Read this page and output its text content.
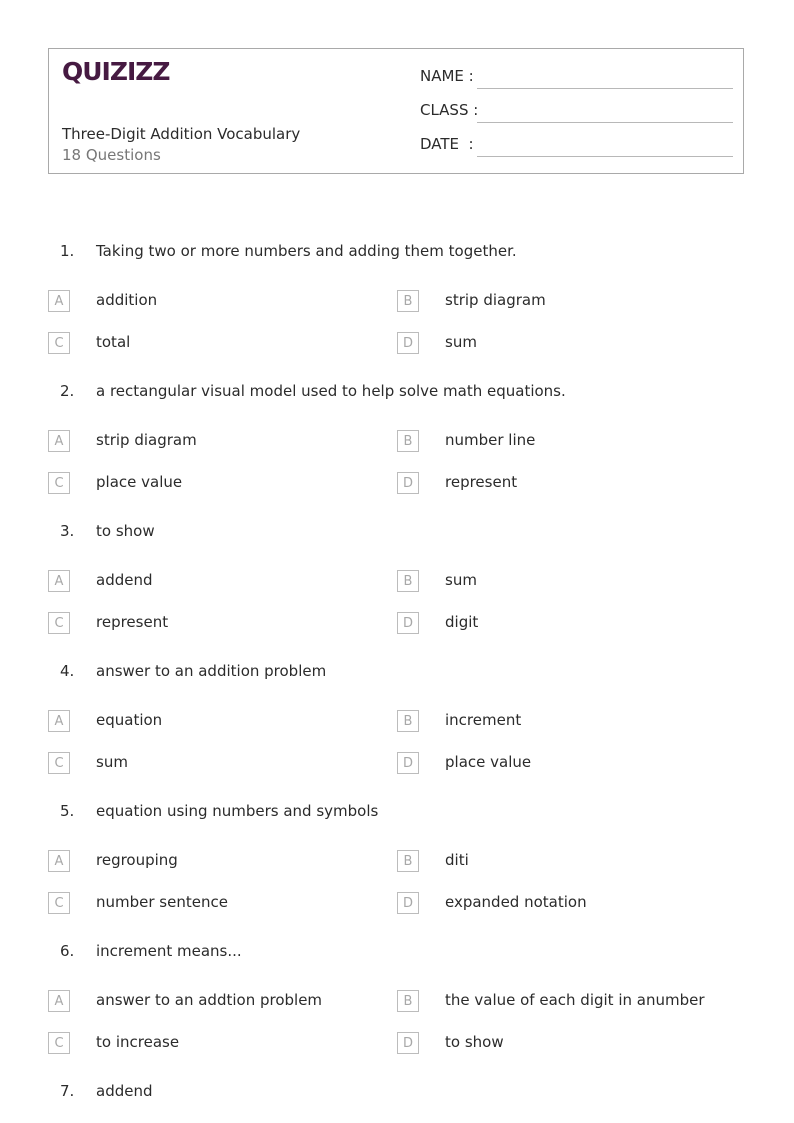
QUIZIZZ
Three-Digit Addition Vocabulary
18 Questions
NAME :
CLASS :
DATE  :
1. Taking two or more numbers and adding them together.
A	addition	B	strip diagram
C	total	D	sum
2. a rectangular visual model used to help solve math equations.
A	strip diagram	B	number line
C	place value	D	represent
3. to show
A	addend	B	sum
C	represent	D	digit
4. answer to an addition problem
A	equation	B	increment
C	sum	D	place value
5. equation using numbers and symbols
A	regrouping	B	diti
C	number sentence	D	expanded notation
6. increment means...
A	answer to an addtion problem	B	the value of each digit in anumber
C	to increase	D	to show
7. addend
